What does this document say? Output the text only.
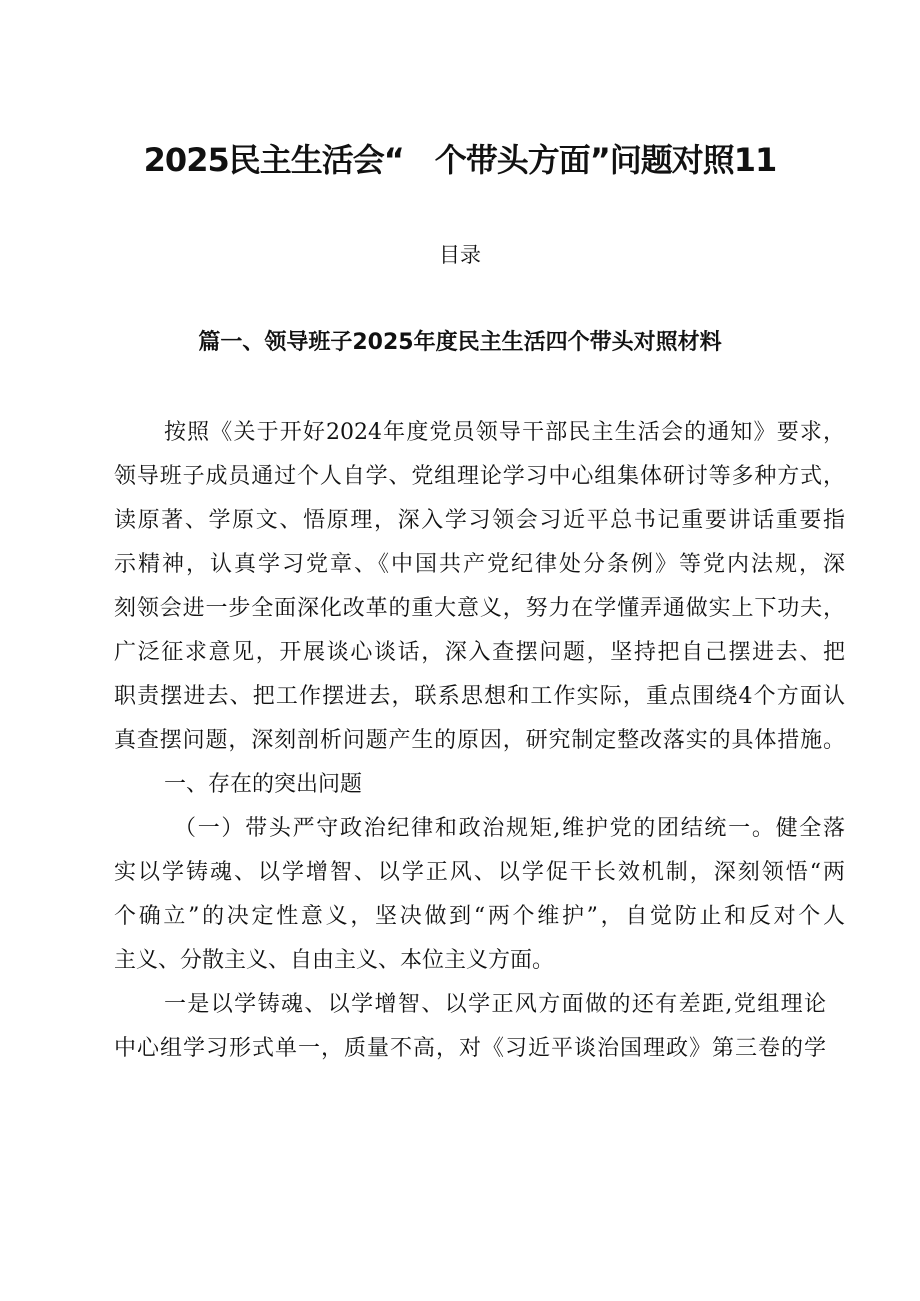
2025民主生活会“　个带头方面”问题对照11
目录
篇一、领导班子2025年度民主生活四个带头对照材料
按照《关于开好2024年度党员领导干部民主生活会的通知》要求，
领导班子成员通过个人自学、党组理论学习中心组集体研讨等多种方式，
读原著、学原文、悟原理，深入学习领会习近平总书记重要讲话重要指
示精神，认真学习党章、《中国共产党纪律处分条例》等党内法规，深
刻领会进一步全面深化改革的重大意义，努力在学懂弄通做实上下功夫，
广泛征求意见，开展谈心谈话，深入查摆问题，坚持把自己摆进去、把
职责摆进去、把工作摆进去，联系思想和工作实际，重点围绕4个方面认
真查摆问题，深刻剖析问题产生的原因，研究制定整改落实的具体措施。
一、存在的突出问题
（一）带头严守政治纪律和政治规矩,维护党的团结统一。健全落
实以学铸魂、以学增智、以学正风、以学促干长效机制，深刻领悟“两
个确立”的决定性意义，坚决做到“两个维护”，自觉防止和反对个人
主义、分散主义、自由主义、本位主义方面。
一是以学铸魂、以学增智、以学正风方面做的还有差距,党组理论
中心组学习形式单一，质量不高，对《习近平谈治国理政》第三卷的学
